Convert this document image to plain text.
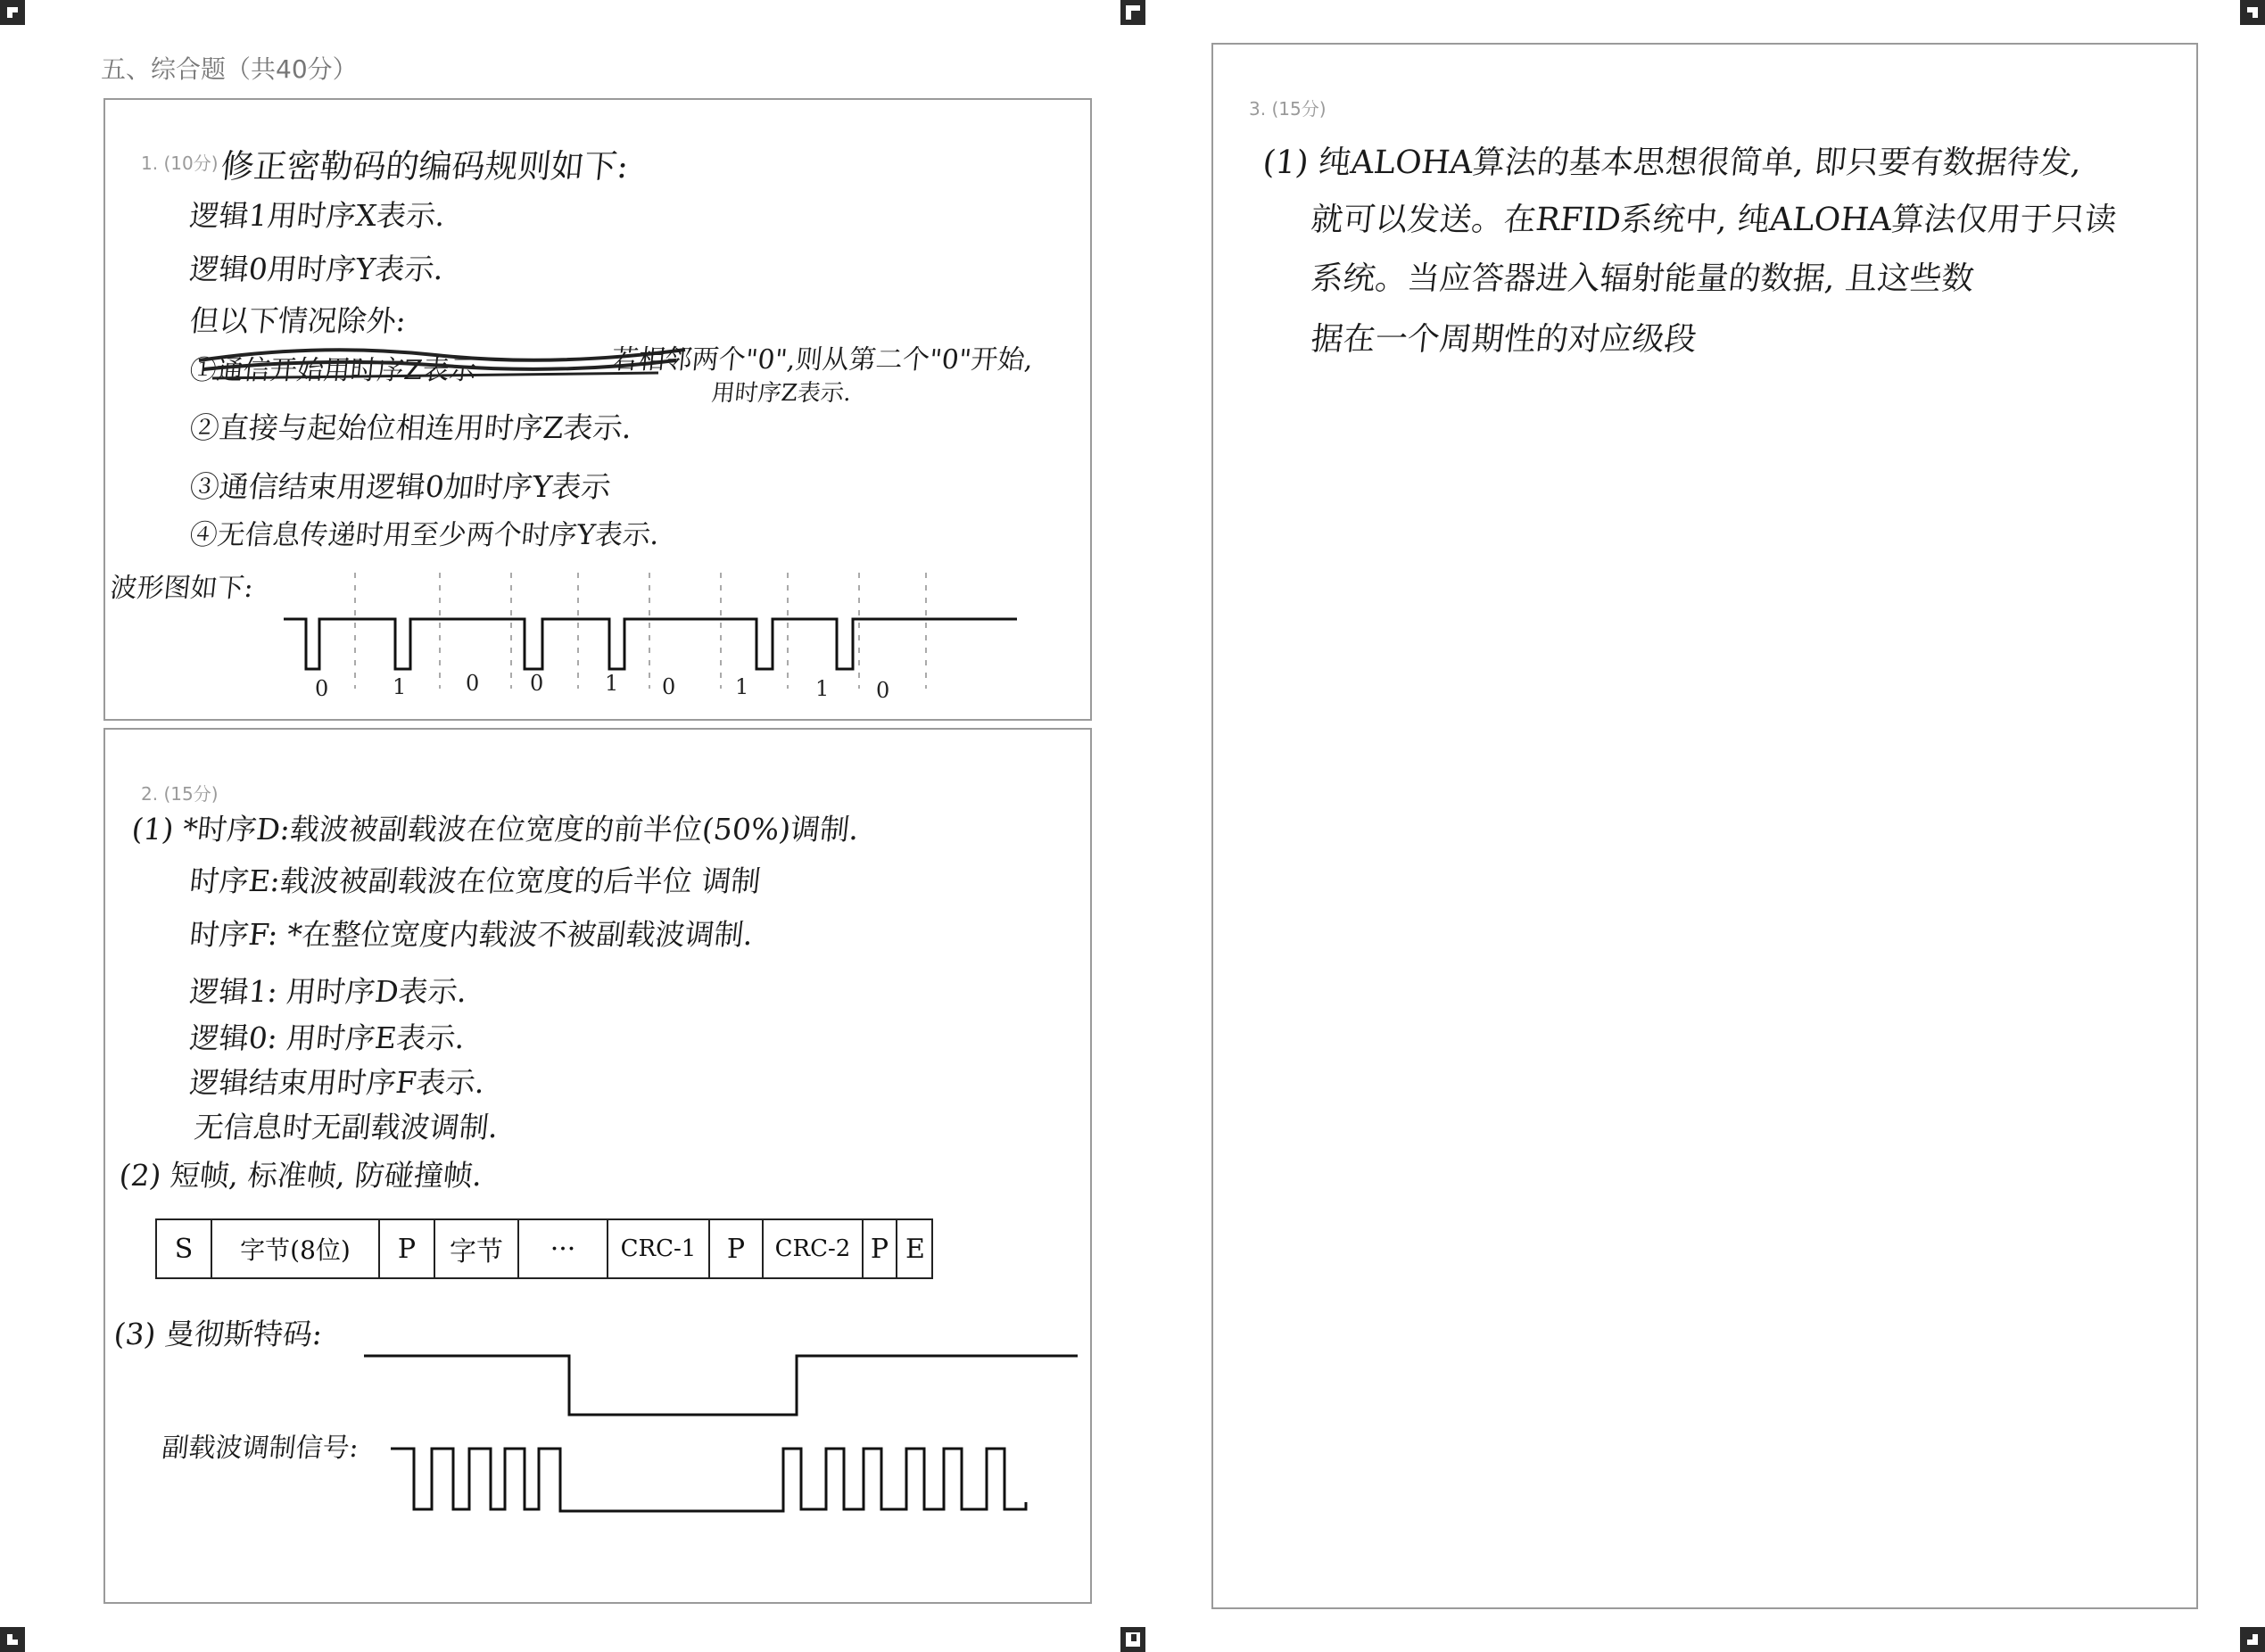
五、综合题（共40分）
1. (10分) 修正密勒码的编码规则如下:
逻辑1用时序X表示.
逻辑0用时序Y表示.
但以下情况除外:
①通信开始用时序Z表示	若相邻两个"0",则从第二个"0"开始,
用时序Z表示.
②直接与起始位相连用时序Z表示.
③通信结束用逻辑0加时序Y表示
④无信息传递时用至少两个时序Y表示.
波形图如下:
0	1	0 0	1 0	1	1 0
2. (15分)
(1) *时序D:载波被副载波在位宽度的前半位(50%)调制.
时序E:载波被副载波在位宽度的后半位 调制
时序F: *在整位宽度内载波不被副载波调制.
逻辑1: 用时序D表示.
逻辑0: 用时序E表示.
逻辑结束用时序F表示.
无信息时无副载波调制.
(2) 短帧, 标准帧, 防碰撞帧.
S	字节(8位)	P	字节	···	CRC-1	P	CRC-2 P E
(3) 曼彻斯特码:
副载波调制信号:
3. (15分)
(1) 纯ALOHA算法的基本思想很简单, 即只要有数据待发,
就可以发送。在RFID系统中, 纯ALOHA算法仅用于只读
系统。当应答器进入辐射能量的数据, 且这些数
据在一个周期性的对应级段
